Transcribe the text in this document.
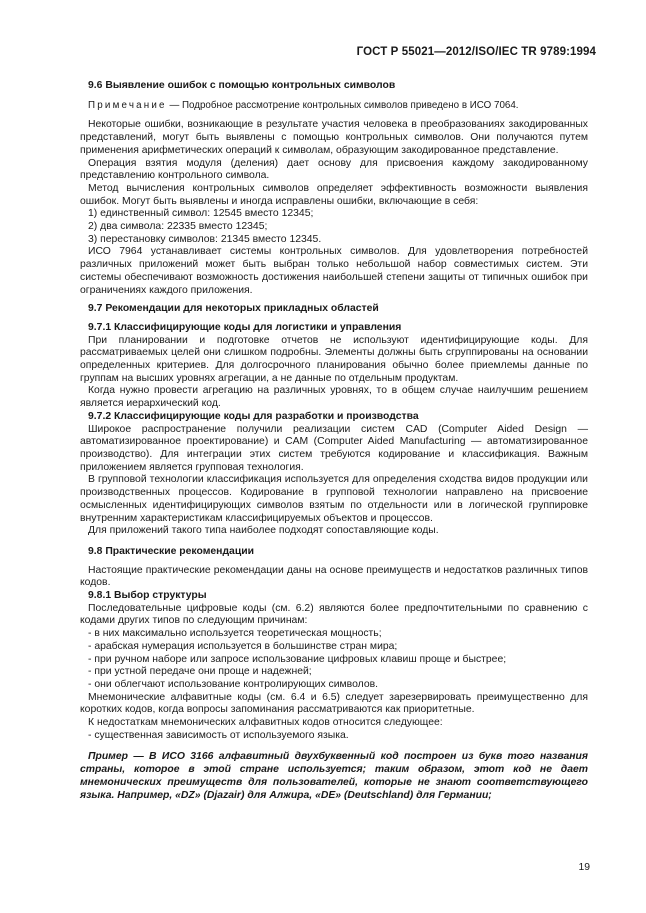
ГОСТ Р 55021—2012/ISO/IEC TR 9789:1994

9.6 Выявление ошибок с помощью контрольных символов

Примечание — Подробное рассмотрение контрольных символов приведено в ИСО 7064.

Некоторые ошибки, возникающие в результате участия человека в преобразованиях закодированных представлений, могут быть выявлены с помощью контрольных символов. Они получаются путем применения арифметических операций к символам, образующим закодированное представление.

Операция взятия модуля (деления) дает основу для присвоения каждому закодированному представлению контрольного символа.

Метод вычисления контрольных символов определяет эффективность возможности выявления ошибок. Могут быть выявлены и иногда исправлены ошибки, включающие в себя:

1) единственный символ: 12545 вместо 12345;

2) два символа: 22335 вместо 12345;

3) перестановку символов: 21345 вместо 12345.

ИСО 7964 устанавливает системы контрольных символов. Для удовлетворения потребностей различных приложений может быть выбран только небольшой набор совместимых систем. Эти системы обеспечивают возможность достижения наибольшей степени защиты от типичных ошибок при ограничениях каждого приложения.

9.7 Рекомендации для некоторых прикладных областей

9.7.1 Классифицирующие коды для логистики и управления

При планировании и подготовке отчетов не используют идентифицирующие коды. Для рассматриваемых целей они слишком подробны. Элементы должны быть сгруппированы на основании определенных критериев. Для долгосрочного планирования обычно более приемлемы данные по группам на высших уровнях агрегации, а не данные по отдельным продуктам.

Когда нужно провести агрегацию на различных уровнях, то в общем случае наилучшим решением является иерархический код.

9.7.2 Классифицирующие коды для разработки и производства

Широкое распространение получили реализации систем CAD (Computer Aided Design — автоматизированное проектирование) и CAM (Computer Aided Manufacturing — автоматизированное производство). Для интеграции этих систем требуются кодирование и классификация. Важным приложением является групповая технология.

В групповой технологии классификация используется для определения сходства видов продукции или производственных процессов. Кодирование в групповой технологии направлено на присвоение осмысленных идентифицирующих символов взятым по отдельности или в логической группировке внутренним характеристикам классифицируемых объектов и процессов.

Для приложений такого типа наиболее подходят сопоставляющие коды.

9.8 Практические рекомендации

Настоящие практические рекомендации даны на основе преимуществ и недостатков различных типов кодов.

9.8.1 Выбор структуры

Последовательные цифровые коды (см. 6.2) являются более предпочтительными по сравнению с кодами других типов по следующим причинам:

- в них максимально используется теоретическая мощность;

- арабская нумерация используется в большинстве стран мира;

- при ручном наборе или запросе использование цифровых клавиш проще и быстрее;

- при устной передаче они проще и надежней;

- они облегчают использование контролирующих символов.

Мнемонические алфавитные коды (см. 6.4 и 6.5) следует зарезервировать преимущественно для коротких кодов, когда вопросы запоминания рассматриваются как приоритетные.

К недостаткам мнемонических алфавитных кодов относится следующее:

- существенная зависимость от используемого языка.

Пример — В ИСО 3166 алфавитный двухбуквенный код построен из букв того названия страны, которое в этой стране используется; таким образом, этот код не дает мнемонических преимуществ для пользователей, которые не знают соответствующего языка. Например, «DZ» (Djazair) для Алжира, «DE» (Deutschland) для Германии;

19
